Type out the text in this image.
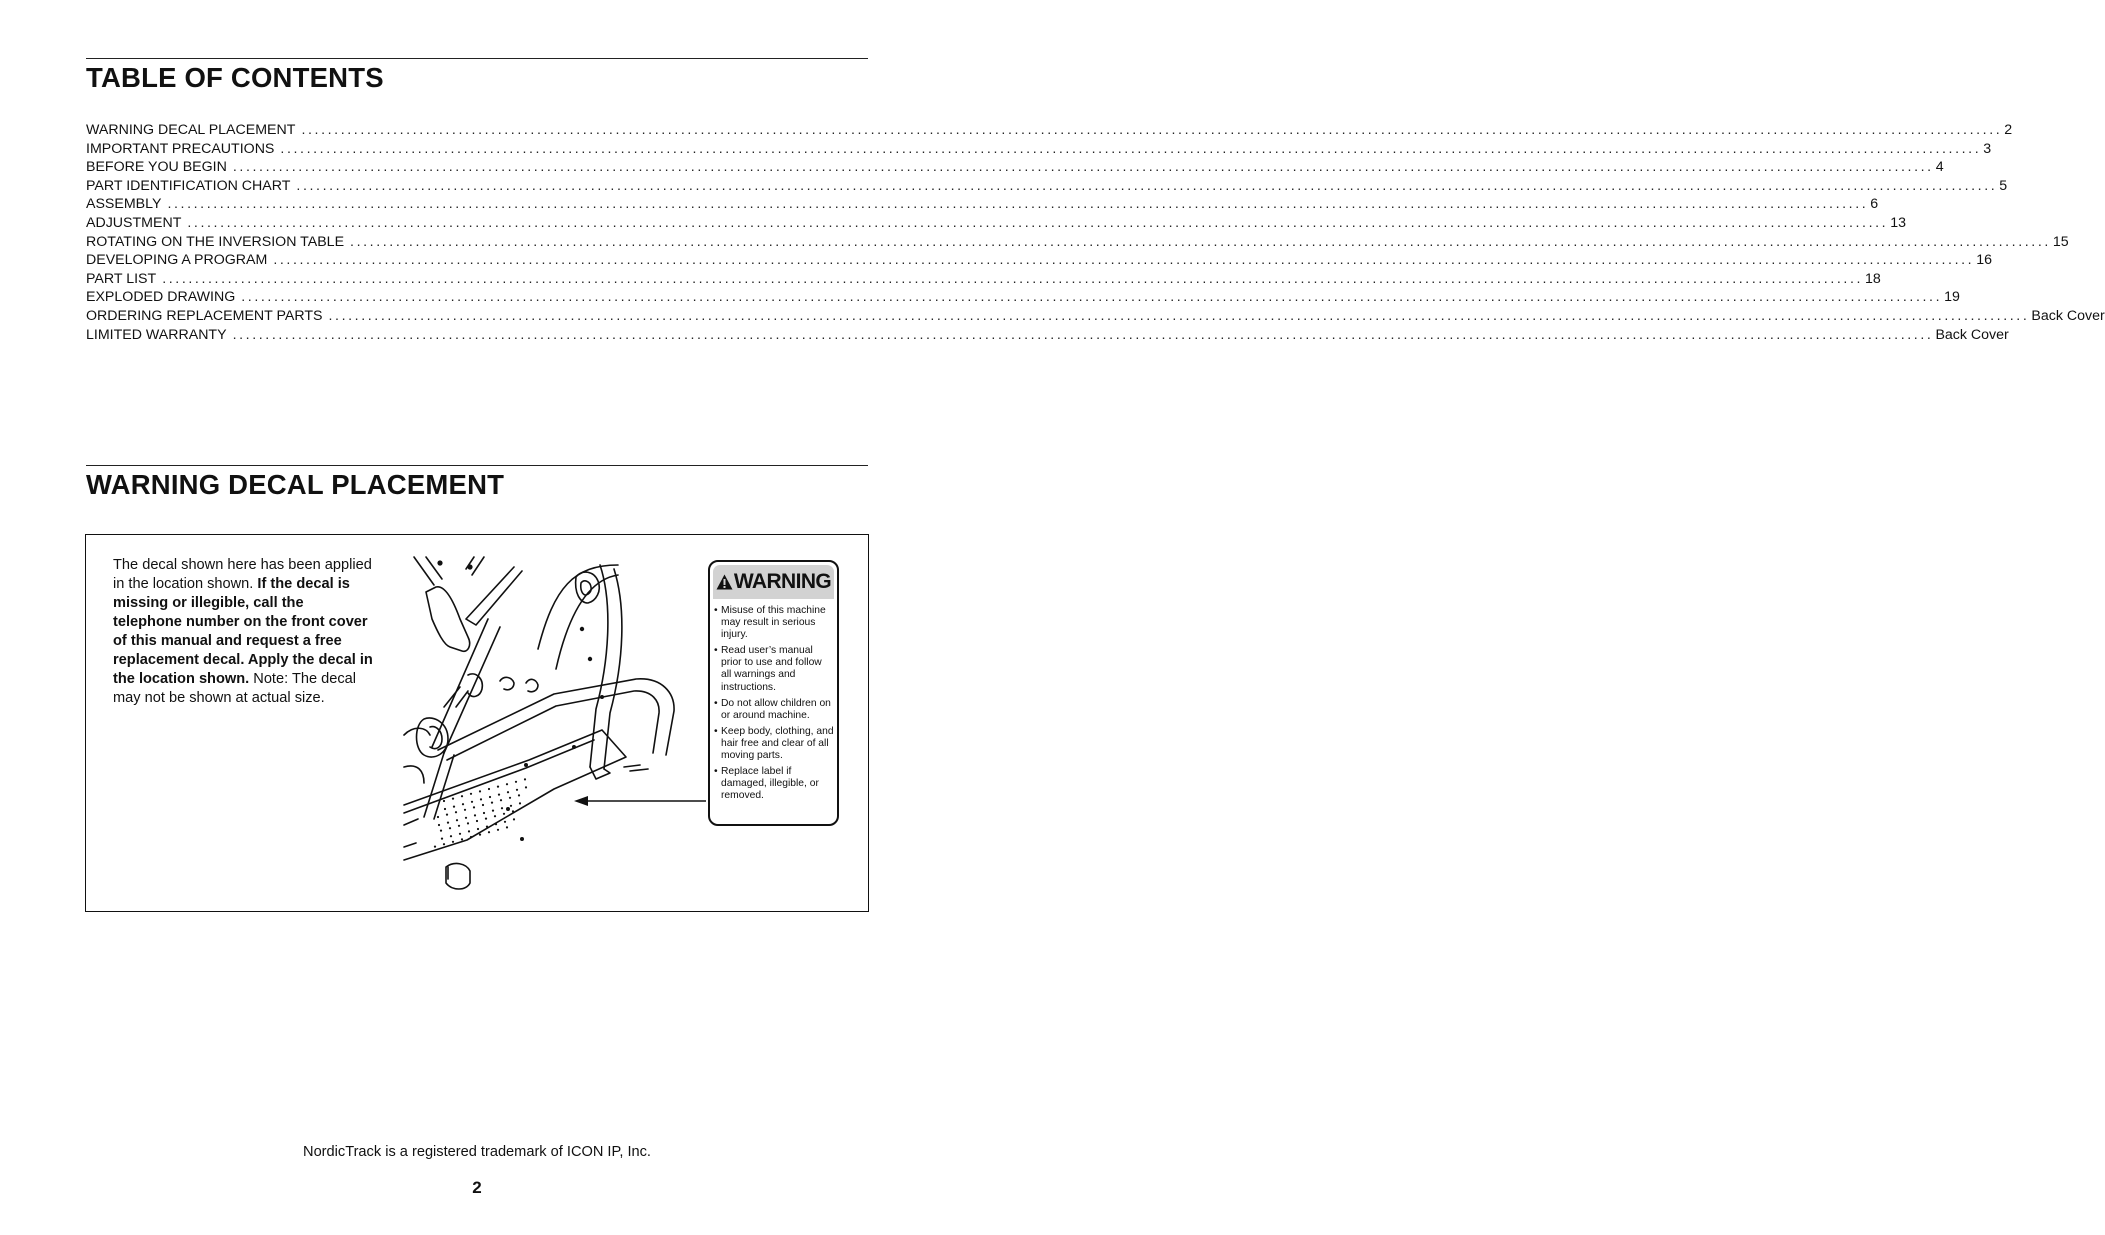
TABLE OF CONTENTS
WARNING DECAL PLACEMENT .................................................................................................................................................................................................................................................................... 2
IMPORTANT PRECAUTIONS .................................................................................................................................................................................................................................................................... 3
BEFORE YOU BEGIN .................................................................................................................................................................................................................................................................... 4
PART IDENTIFICATION CHART .................................................................................................................................................................................................................................................................... 5
ASSEMBLY .................................................................................................................................................................................................................................................................... 6
ADJUSTMENT .................................................................................................................................................................................................................................................................... 13
ROTATING ON THE INVERSION TABLE .................................................................................................................................................................................................................................................................... 15
DEVELOPING A PROGRAM .................................................................................................................................................................................................................................................................... 16
PART LIST .................................................................................................................................................................................................................................................................... 18
EXPLODED DRAWING .................................................................................................................................................................................................................................................................... 19
ORDERING REPLACEMENT PARTS .................................................................................................................................................................................................................................................................... Back Cover
LIMITED WARRANTY .................................................................................................................................................................................................................................................................... Back Cover
WARNING DECAL PLACEMENT
The decal shown here has been applied in the location shown. If the decal is missing or illegible, call the telephone number on the front cover of this manual and request a free replacement decal. Apply the decal in the location shown. Note: The decal may not be shown at actual size.
WARNING
• Misuse of this machine may result in serious injury.
• Read user’s manual prior to use and follow all warnings and instructions.
• Do not allow children on or around machine.
• Keep body, clothing, and hair free and clear of all moving parts.
• Replace label if damaged, illegible, or removed.
NordicTrack is a registered trademark of ICON IP, Inc.
2
